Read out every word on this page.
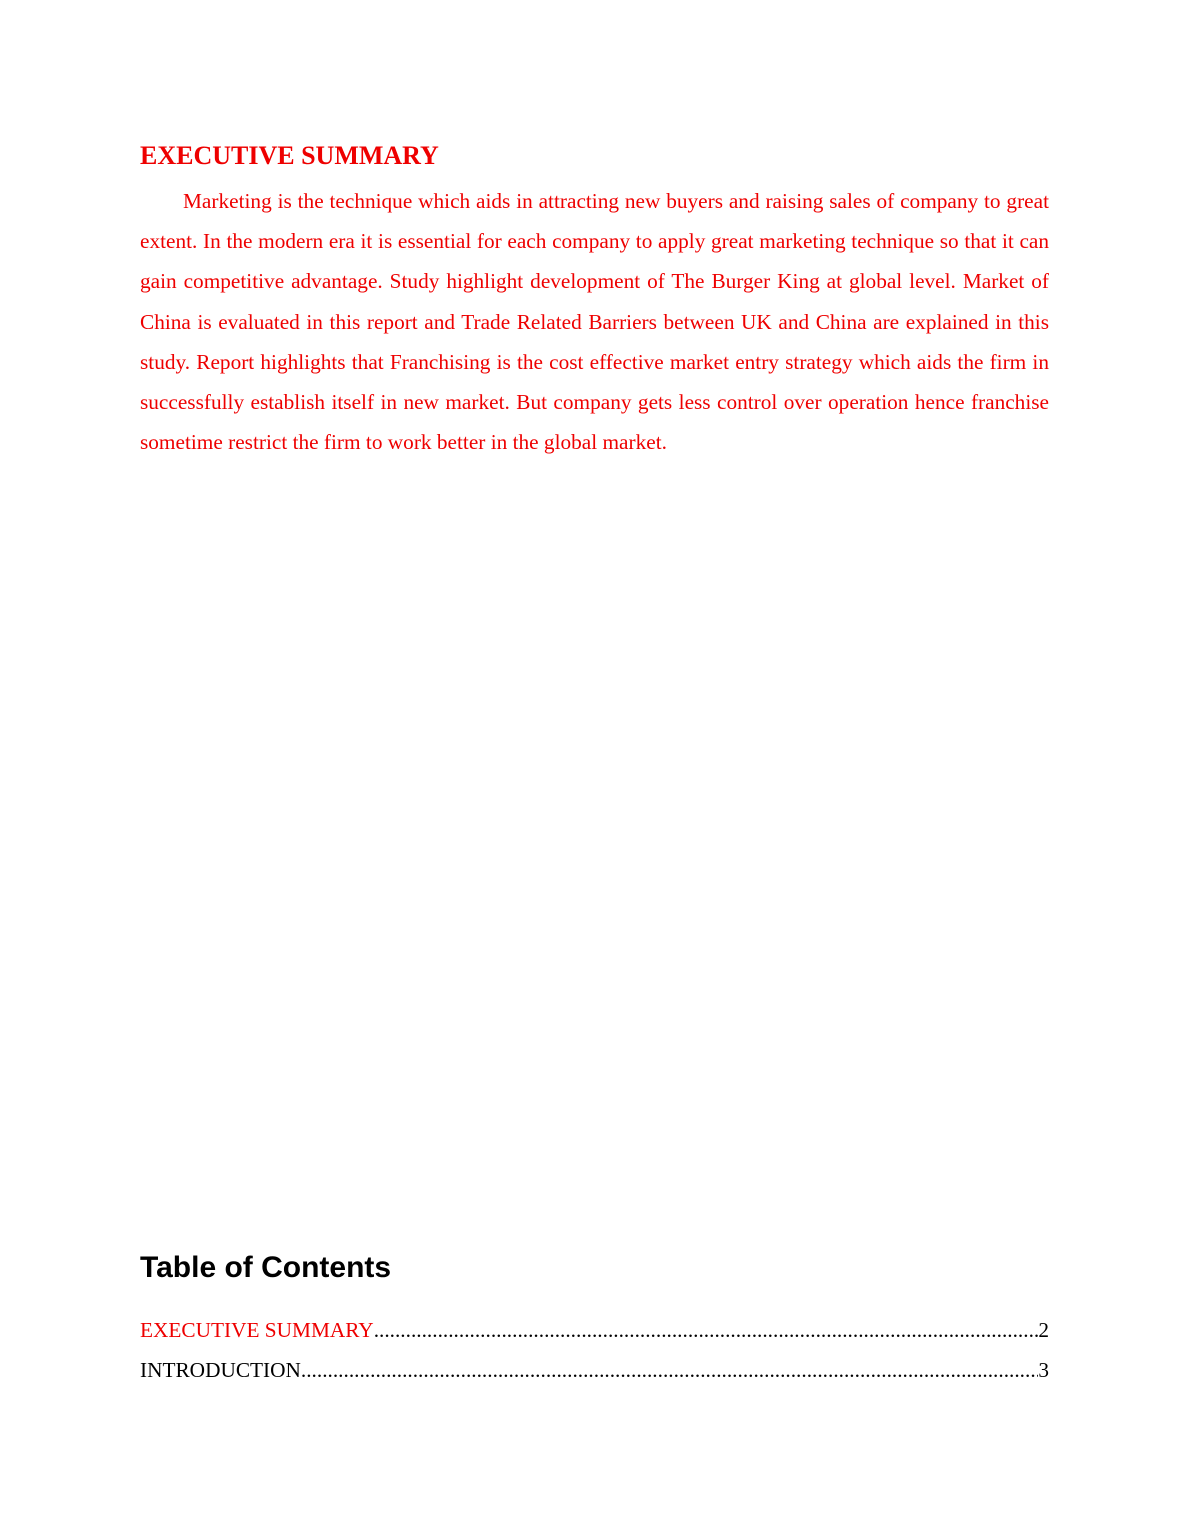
EXECUTIVE SUMMARY

Marketing is the technique which aids in attracting new buyers and raising sales of company to great extent. In the modern era it is essential for each company to apply great marketing technique so that it can gain competitive advantage. Study highlight development of The Burger King at global level. Market of China is evaluated in this report and Trade Related Barriers between UK and China are explained in this study. Report highlights that Franchising is the cost effective market entry strategy which aids the firm in successfully establish itself in new market. But company gets less control over operation hence franchise sometime restrict the firm to work better in the global market.

Table of Contents
EXECUTIVE SUMMARY .....	2
INTRODUCTION .....	3
